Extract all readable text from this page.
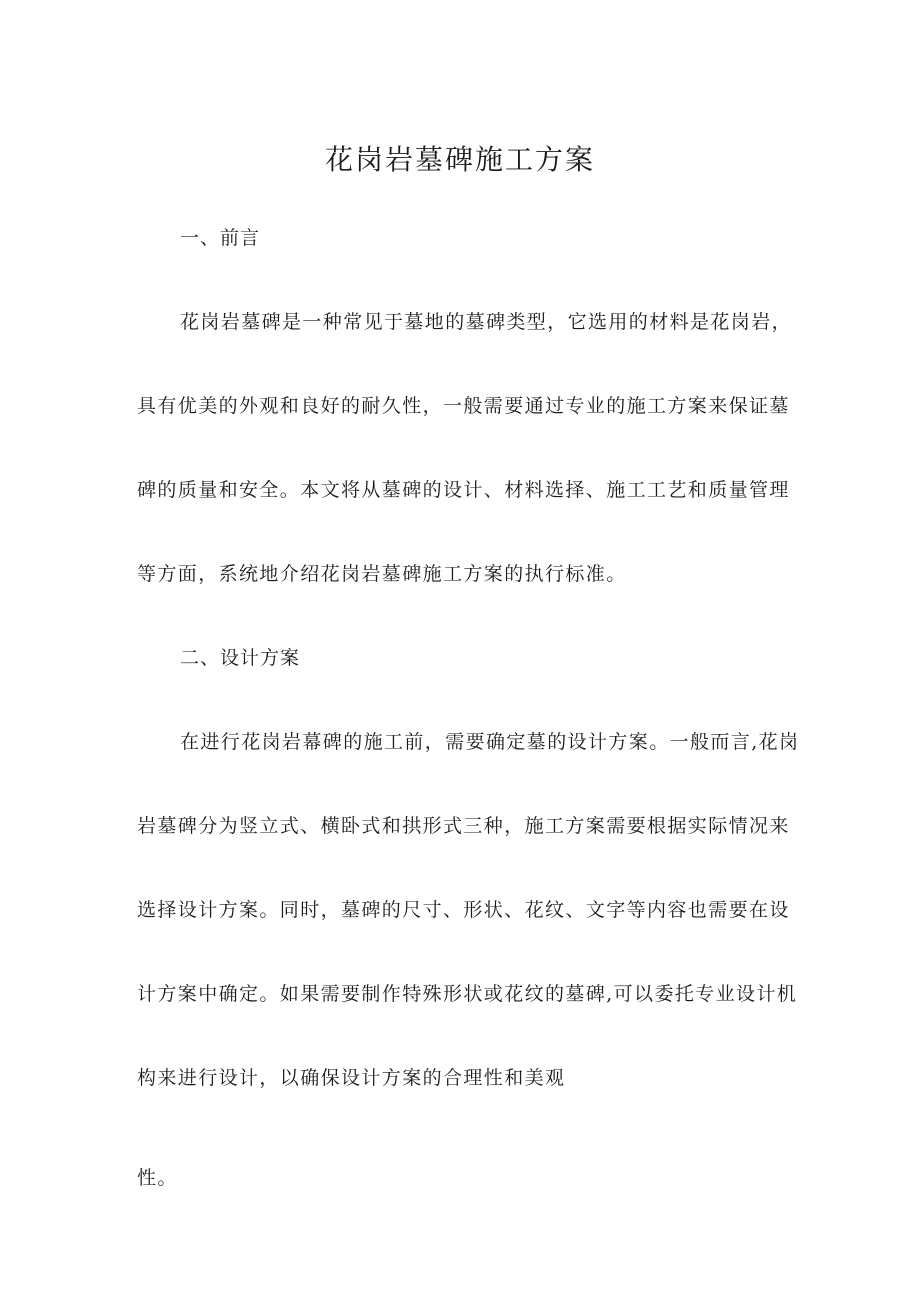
花岗岩墓碑施工方案
一、前言
花岗岩墓碑是一种常见于墓地的墓碑类型，它选用的材料是花岗岩，
具有优美的外观和良好的耐久性，一般需要通过专业的施工方案来保证墓
碑的质量和安全。本文将从墓碑的设计、材料选择、施工工艺和质量管理
等方面，系统地介绍花岗岩墓碑施工方案的执行标准。
二、设计方案
在进行花岗岩幕碑的施工前，需要确定墓的设计方案。一般而言,花岗
岩墓碑分为竖立式、横卧式和拱形式三种，施工方案需要根据实际情况来
选择设计方案。同时，墓碑的尺寸、形状、花纹、文字等内容也需要在设
计方案中确定。如果需要制作特殊形状或花纹的墓碑,可以委托专业设计机
构来进行设计，以确保设计方案的合理性和美观
性。
